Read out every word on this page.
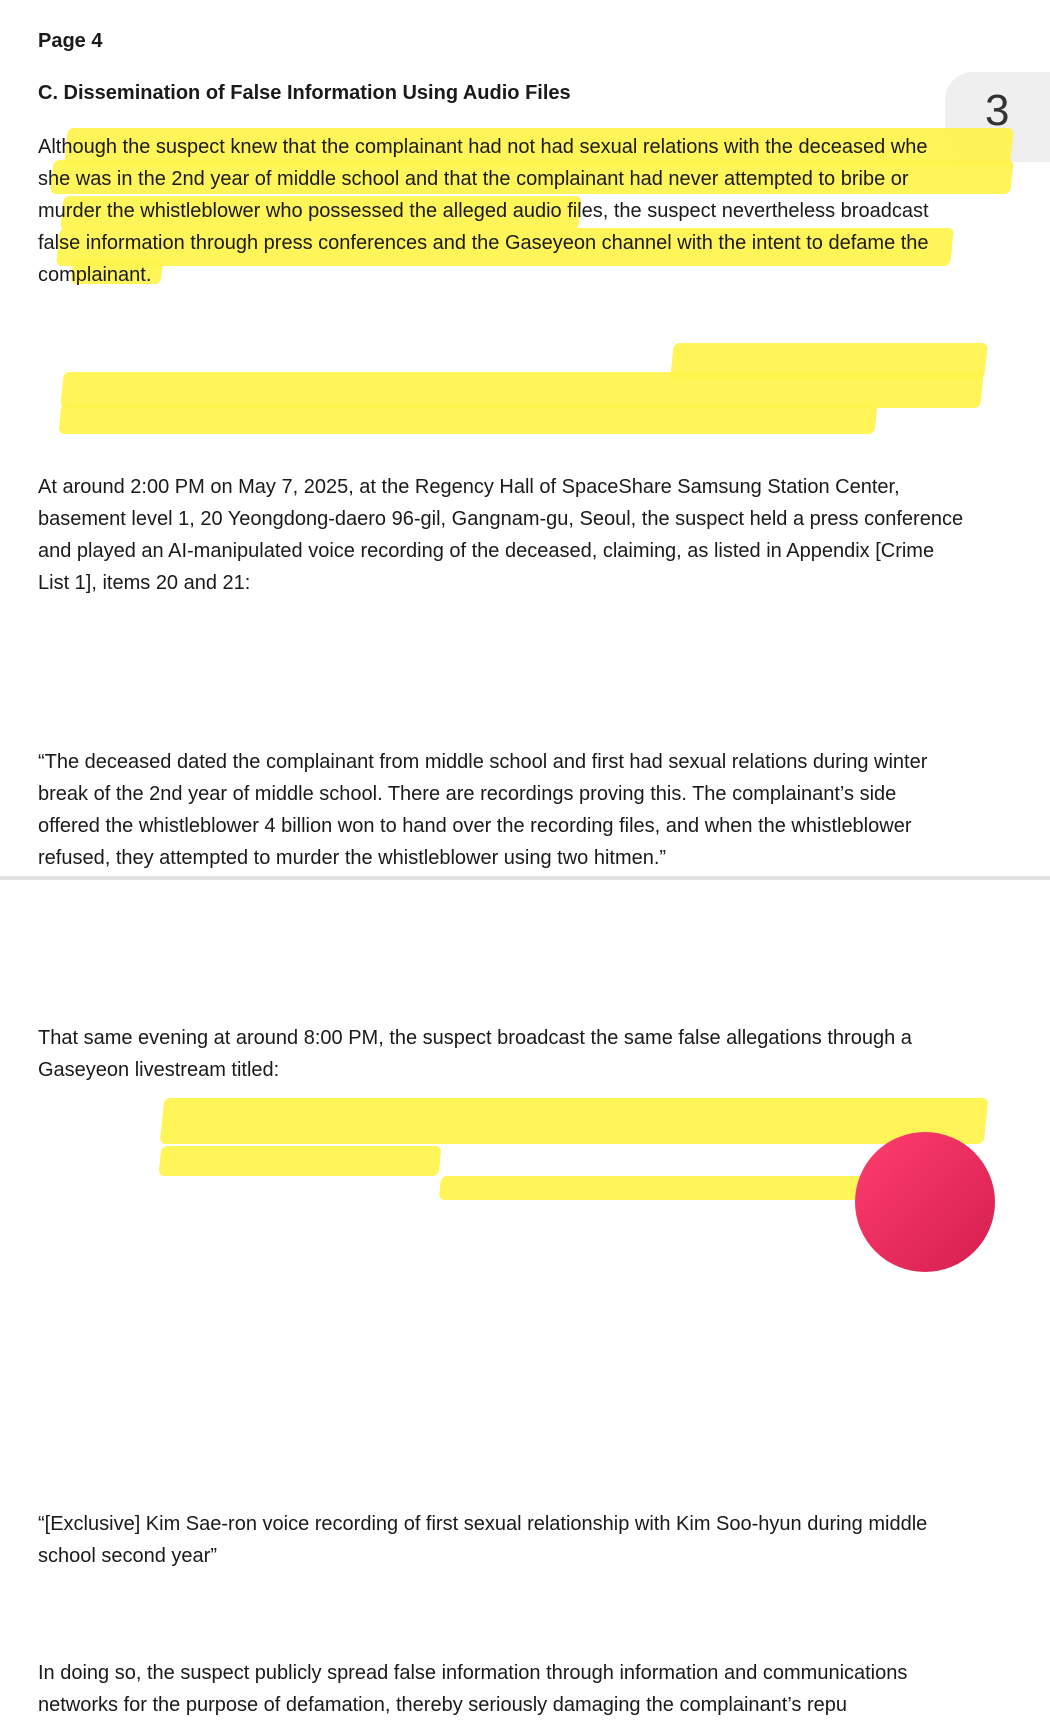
Page 4
3
C. Dissemination of False Information Using Audio Files
Although the suspect knew that the complainant had not had sexual relations with the deceased whe
she was in the 2nd year of middle school and that the complainant had never attempted to bribe or
murder the whistleblower who possessed the alleged audio files, the suspect nevertheless broadcast
false information through press conferences and the Gaseyeon channel with the intent to defame the
complainant.
At around 2:00 PM on May 7, 2025, at the Regency Hall of SpaceShare Samsung Station Center,
basement level 1, 20 Yeongdong-daero 96-gil, Gangnam-gu, Seoul, the suspect held a press conference
and played an AI-manipulated voice recording of the deceased, claiming, as listed in Appendix [Crime
List 1], items 20 and 21:
“The deceased dated the complainant from middle school and first had sexual relations during winter
break of the 2nd year of middle school. There are recordings proving this. The complainant’s side
offered the whistleblower 4 billion won to hand over the recording files, and when the whistleblower
refused, they attempted to murder the whistleblower using two hitmen.”
That same evening at around 8:00 PM, the suspect broadcast the same false allegations through a
Gaseyeon livestream titled:
“[Exclusive] Kim Sae-ron voice recording of first sexual relationship with Kim Soo-hyun during middle
school second year”
In doing so, the suspect publicly spread false information through information and communications
networks for the purpose of defamation, thereby seriously damaging the complainant’s repu
